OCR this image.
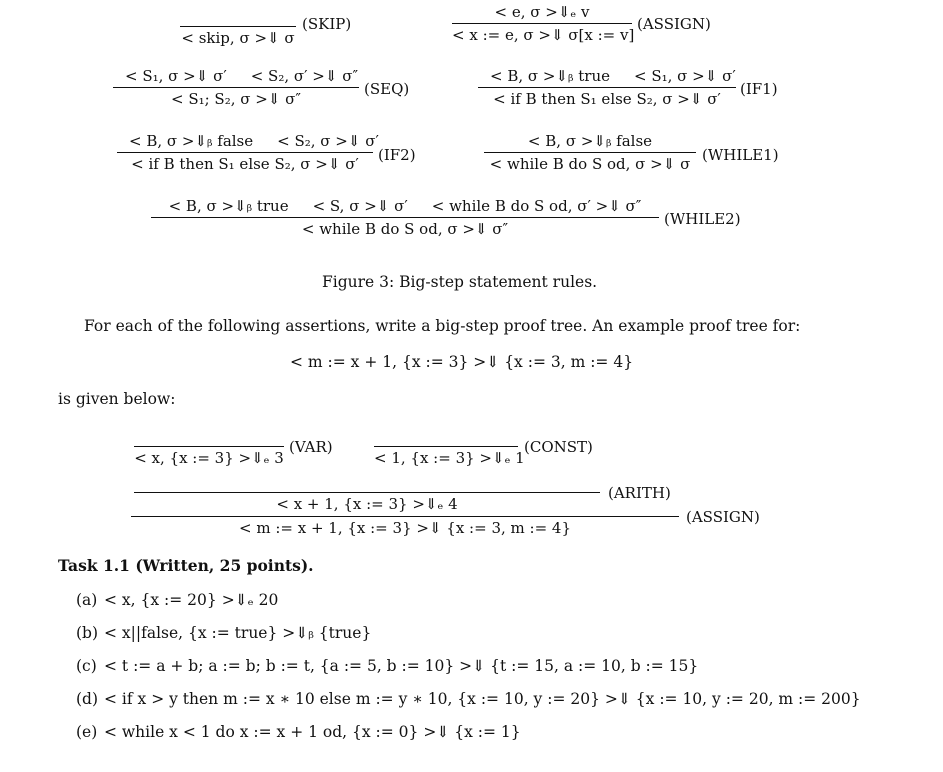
< skip, σ >⇓ σ
(SKIP)
< e, σ >⇓ₑ v
< x := e, σ >⇓ σ[x := v]
(ASSIGN)
< S₁, σ >⇓ σ′ < S₂, σ′ >⇓ σ″
< S₁; S₂, σ >⇓ σ″
(SEQ)
< B, σ >⇓ᵦ true < S₁, σ >⇓ σ′
< if B then S₁ else S₂, σ >⇓ σ′
(IF1)
< B, σ >⇓ᵦ false < S₂, σ >⇓ σ′
< if B then S₁ else S₂, σ >⇓ σ′	(IF2)
< B, σ >⇓ᵦ false
< while B do S od, σ >⇓ σ (WHILE1)
< B, σ >⇓ᵦ true < S, σ >⇓ σ′ < while B do S od, σ′ >⇓ σ″
< while B do S od, σ >⇓ σ″
(WHILE2)
Figure 3: Big-step statement rules.
For each of the following assertions, write a big-step proof tree. An example proof tree for:
< m := x + 1, {x := 3} >⇓ {x := 3, m := 4}
is given below:
< x, {x := 3} >⇓ₑ 3
(VAR)
< 1, {x := 3} >⇓ₑ 1
(CONST)
< x + 1, {x := 3} >⇓ₑ 4
(ARITH)
< m := x + 1, {x := 3} >⇓ {x := 3, m := 4}
(ASSIGN)
Task 1.1 (Written, 25 points).
(a) < x, {x := 20} >⇓ₑ 20
(b) < x||false, {x := true} >⇓ᵦ {true}
(c) < t := a + b; a := b; b := t, {a := 5, b := 10} >⇓ {t := 15, a := 10, b := 15}
(d) < if x > y then m := x ∗ 10 else m := y ∗ 10, {x := 10, y := 20} >⇓ {x := 10, y := 20, m := 200}
(e) < while x < 1 do x := x + 1 od, {x := 0} >⇓ {x := 1}
